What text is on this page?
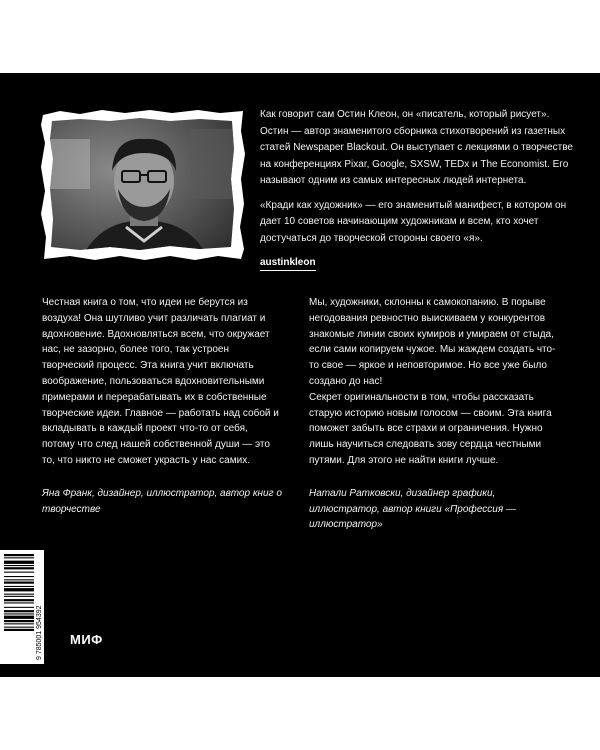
Как говорит сам Остин Клеон, он «писатель, который рисует». Остин — автор знаменитого сборника стихотворений из газетных статей Newspaper Blackout. Он выступает с лекциями о творчестве на конференциях Pixar, Google, SXSW, TEDx и The Economist. Его называют одним из самых интересных людей интернета.

«Кради как художник» — его знаменитый манифест, в котором он дает 10 советов начинающим художникам и всем, кто хочет достучаться до творческой стороны своего «я».

austinkleon

Честная книга о том, что идеи не берутся из воздуха! Она шутливо учит различать плагиат и вдохновение. Вдохновляться всем, что окружает нас, не зазорно, более того, так устроен творческий процесс. Эта книга учит включать воображение, пользоваться вдохновительными примерами и перерабатывать их в собственные творческие идеи. Главное — работать над собой и вкладывать в каждый проект что-то от себя, потому что след нашей собственной души — это то, что никто не сможет украсть у нас самих.

Яна Франк, дизайнер, иллюстратор, автор книг о творчестве

Мы, художники, склонны к самокопанию. В порыве негодования ревностно выискиваем у конкурентов знакомые линии своих кумиров и умираем от стыда, если сами копируем чужое. Мы жаждем создать что-то свое — яркое и неповторимое. Но все уже было создано до нас!
Секрет оригинальности в том, чтобы рассказать старую историю новым голосом — своим. Эта книга поможет забыть все страхи и ограничения. Нужно лишь научиться следовать зову сердца честными путями. Для этого не найти книги лучше.

Натали Ратковски, дизайнер графики, иллюстратор, автор книги «Профессия — иллюстратор»

9 785001 954392 МИФ
